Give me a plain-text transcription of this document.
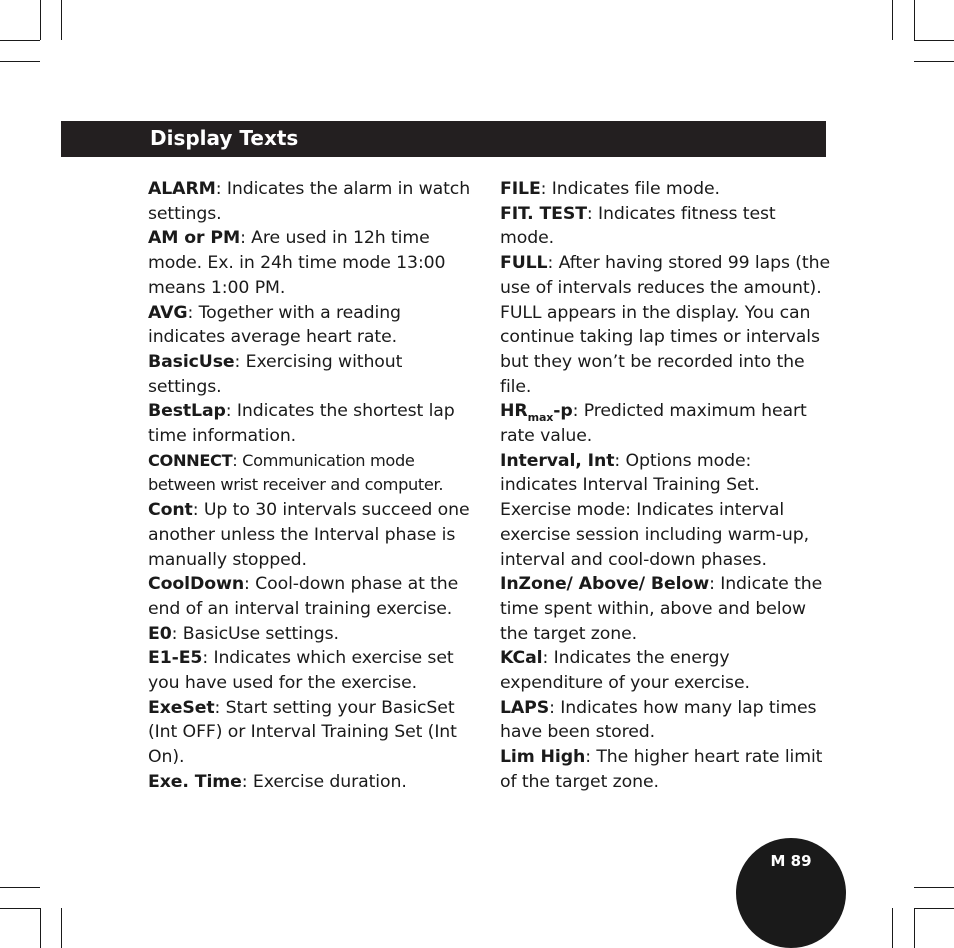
Display Texts

ALARM: Indicates the alarm in watch settings.

AM or PM: Are used in 12h time mode. Ex. in 24h time mode 13:00 means 1:00 PM.

AVG: Together with a reading indicates average heart rate.

BasicUse: Exercising without settings.

BestLap: Indicates the shortest lap time information.

CONNECT: Communication mode between wrist receiver and computer.

Cont: Up to 30 intervals succeed one another unless the Interval phase is manually stopped.

CoolDown: Cool-down phase at the end of an interval training exercise.

E0: BasicUse settings.

E1-E5: Indicates which exercise set you have used for the exercise.

ExeSet: Start setting your BasicSet (Int OFF) or Interval Training Set (Int On).

Exe. Time: Exercise duration.

FILE: Indicates file mode.

FIT. TEST: Indicates fitness test mode.

FULL: After having stored 99 laps (the use of intervals reduces the amount). FULL appears in the display. You can continue taking lap times or intervals but they won’t be recorded into the file.

$HR_{max}-p$: Predicted maximum heart rate value.

Interval, Int: Options mode: indicates Interval Training Set. Exercise mode: Indicates interval exercise session including warm-up, interval and cool-down phases.

InZone/ Above/ Below: Indicate the time spent within, above and below the target zone.

KCal: Indicates the energy expenditure of your exercise.

LAPS: Indicates how many lap times have been stored.

Lim High: The higher heart rate limit of the target zone.

M 89
